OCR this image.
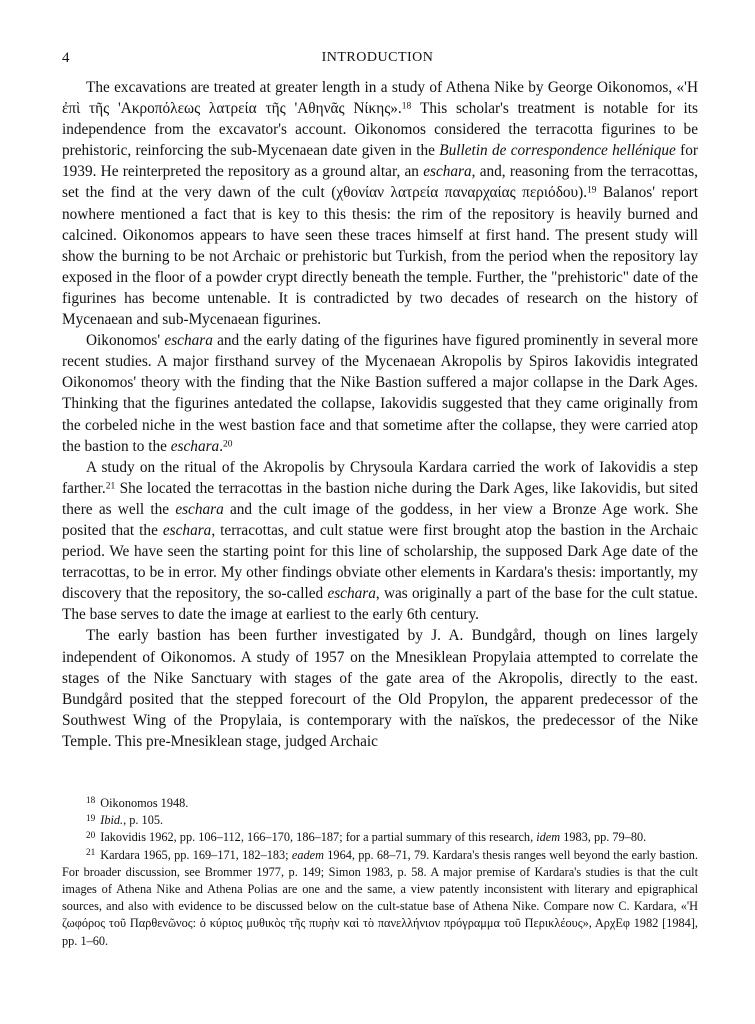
4	INTRODUCTION

The excavations are treated at greater length in a study of Athena Nike by George Oikonomos, «'Η ἐπὶ τῆς 'Ακροπόλεως λατρεία τῆς 'Αθηνᾶς Νίκης».$^{18}$ This scholar's treatment is notable for its independence from the excavator's account. Oikonomos considered the terracotta figurines to be prehistoric, reinforcing the sub-Mycenaean date given in the Bulletin de correspondence hellénique for 1939. He reinterpreted the repository as a ground altar, an eschara, and, reasoning from the terracottas, set the find at the very dawn of the cult (χθονίαν λατρεία παναρχαίας περιόδου).$^{19}$ Balanos' report nowhere mentioned a fact that is key to this thesis: the rim of the repository is heavily burned and calcined. Oikonomos appears to have seen these traces himself at first hand. The present study will show the burning to be not Archaic or prehistoric but Turkish, from the period when the repository lay exposed in the floor of a powder crypt directly beneath the temple. Further, the "prehistoric" date of the figurines has become untenable. It is contradicted by two decades of research on the history of Mycenaean and sub-Mycenaean figurines.

Oikonomos' eschara and the early dating of the figurines have figured prominently in several more recent studies. A major firsthand survey of the Mycenaean Akropolis by Spiros Iakovidis integrated Oikonomos' theory with the finding that the Nike Bastion suffered a major collapse in the Dark Ages. Thinking that the figurines antedated the collapse, Iakovidis suggested that they came originally from the corbeled niche in the west bastion face and that sometime after the collapse, they were carried atop the bastion to the eschara.$^{20}$

A study on the ritual of the Akropolis by Chrysoula Kardara carried the work of Iakovidis a step farther.$^{21}$ She located the terracottas in the bastion niche during the Dark Ages, like Iakovidis, but sited there as well the eschara and the cult image of the goddess, in her view a Bronze Age work. She posited that the eschara, terracottas, and cult statue were first brought atop the bastion in the Archaic period. We have seen the starting point for this line of scholarship, the supposed Dark Age date of the terracottas, to be in error. My other findings obviate other elements in Kardara's thesis: importantly, my discovery that the repository, the so-called eschara, was originally a part of the base for the cult statue. The base serves to date the image at earliest to the early 6th century.

The early bastion has been further investigated by J. A. Bundgård, though on lines largely independent of Oikonomos. A study of 1957 on the Mnesiklean Propylaia attempted to correlate the stages of the Nike Sanctuary with stages of the gate area of the Akropolis, directly to the east. Bundgård posited that the stepped forecourt of the Old Propylon, the apparent predecessor of the Southwest Wing of the Propylaia, is contemporary with the naïskos, the predecessor of the Nike Temple. This pre-Mnesiklean stage, judged Archaic

$^{18}$ Oikonomos 1948.

$^{19}$ Ibid., p. 105.

$^{20}$ Iakovidis 1962, pp. 106–112, 166–170, 186–187; for a partial summary of this research, idem 1983, pp. 79–80.

$^{21}$ Kardara 1965, pp. 169–171, 182–183; eadem 1964, pp. 68–71, 79. Kardara's thesis ranges well beyond the early bastion. For broader discussion, see Brommer 1977, p. 149; Simon 1983, p. 58. A major premise of Kardara's studies is that the cult images of Athena Nike and Athena Polias are one and the same, a view patently inconsistent with literary and epigraphical sources, and also with evidence to be discussed below on the cult-statue base of Athena Nike. Compare now C. Kardara, «'Η ζωφόρος τοῦ Παρθενῶνος: ὁ κύριος μυθικὸς τῆς πυρὴν καὶ τὸ πανελλήνιον πρόγραμμα τοῦ Περικλέους», ΑρχΕφ 1982 [1984], pp. 1–60.
